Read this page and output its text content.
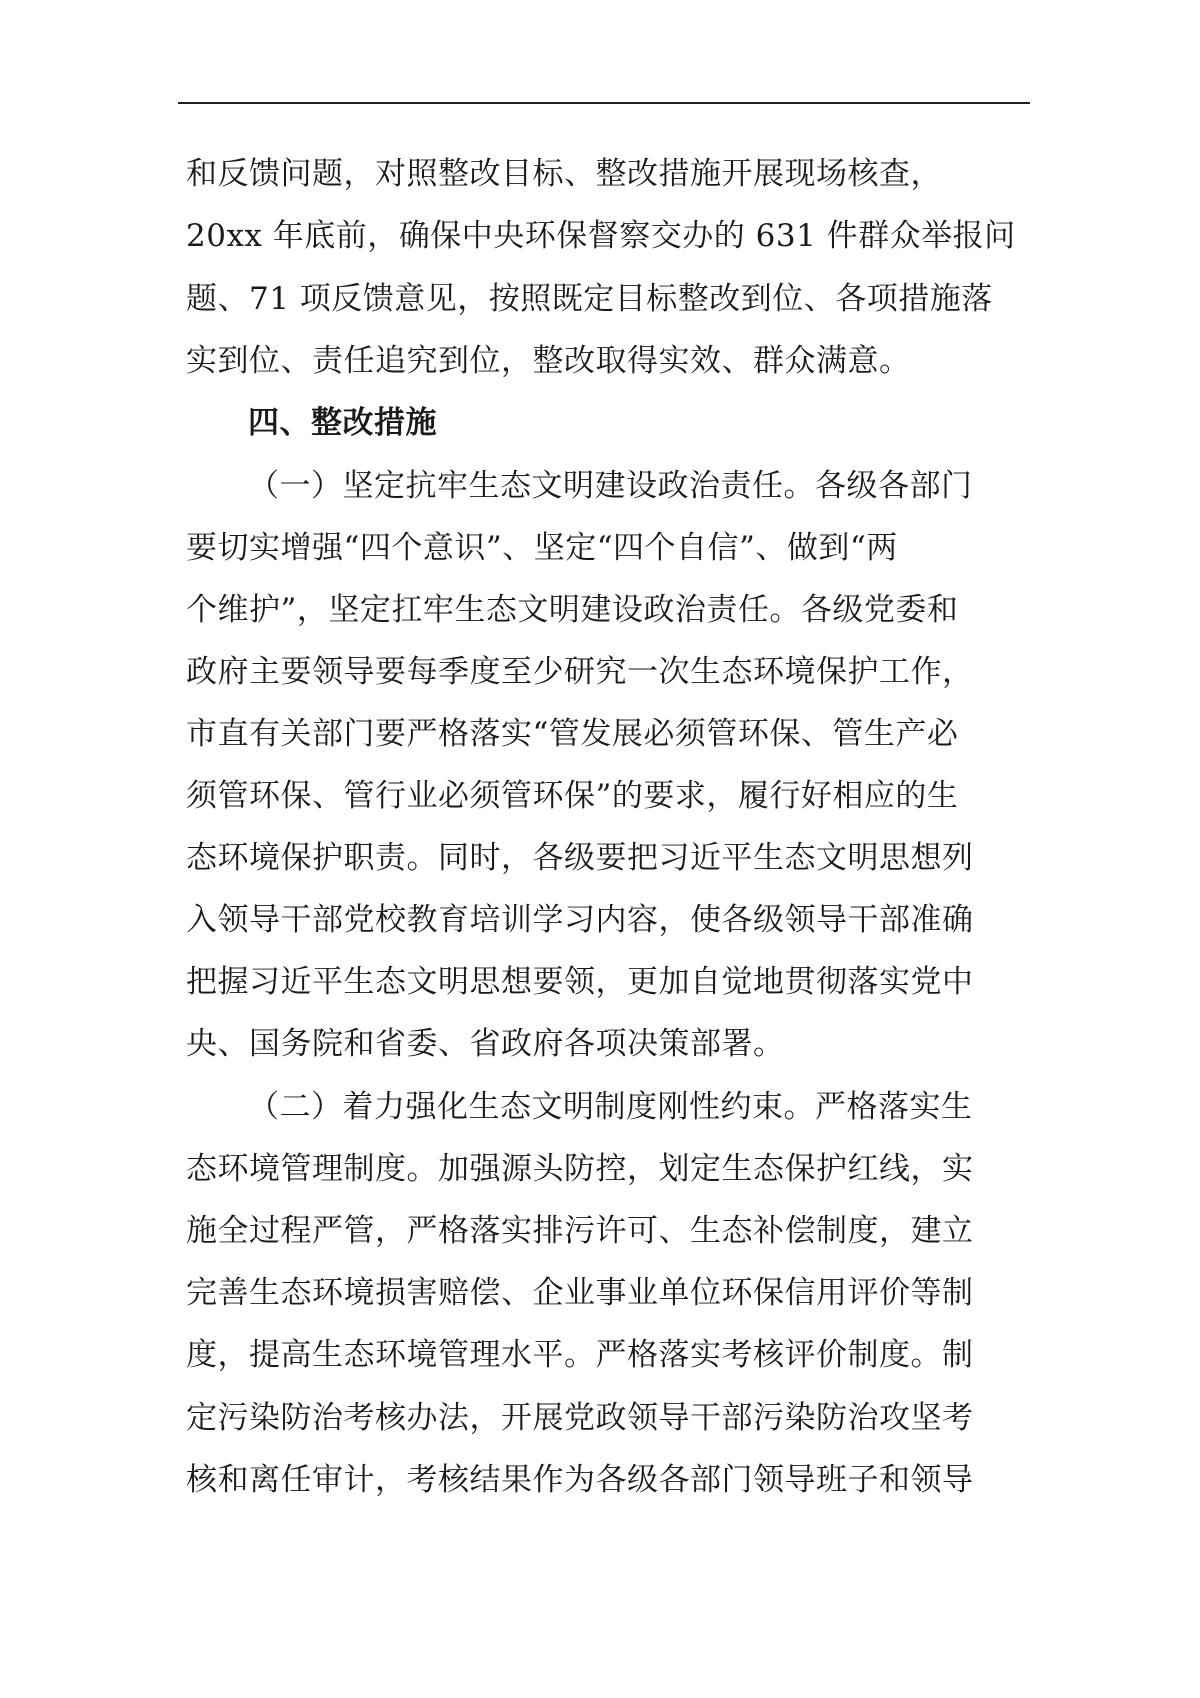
和反馈问题，对照整改目标、整改措施开展现场核查，
20xx 年底前，确保中央环保督察交办的 631 件群众举报问
题、71 项反馈意见，按照既定目标整改到位、各项措施落
实到位、责任追究到位，整改取得实效、群众满意。
四、整改措施
（一）坚定抗牢生态文明建设政治责任。各级各部门
要切实增强“四个意识”、坚定“四个自信”、做到“两
个维护”，坚定扛牢生态文明建设政治责任。各级党委和
政府主要领导要每季度至少研究一次生态环境保护工作，
市直有关部门要严格落实“管发展必须管环保、管生产必
须管环保、管行业必须管环保”的要求，履行好相应的生
态环境保护职责。同时，各级要把习近平生态文明思想列
入领导干部党校教育培训学习内容，使各级领导干部准确
把握习近平生态文明思想要领，更加自觉地贯彻落实党中
央、国务院和省委、省政府各项决策部署。
（二）着力强化生态文明制度刚性约束。严格落实生
态环境管理制度。加强源头防控，划定生态保护红线，实
施全过程严管，严格落实排污许可、生态补偿制度，建立
完善生态环境损害赔偿、企业事业单位环保信用评价等制
度，提高生态环境管理水平。严格落实考核评价制度。制
定污染防治考核办法，开展党政领导干部污染防治攻坚考
核和离任审计，考核结果作为各级各部门领导班子和领导
